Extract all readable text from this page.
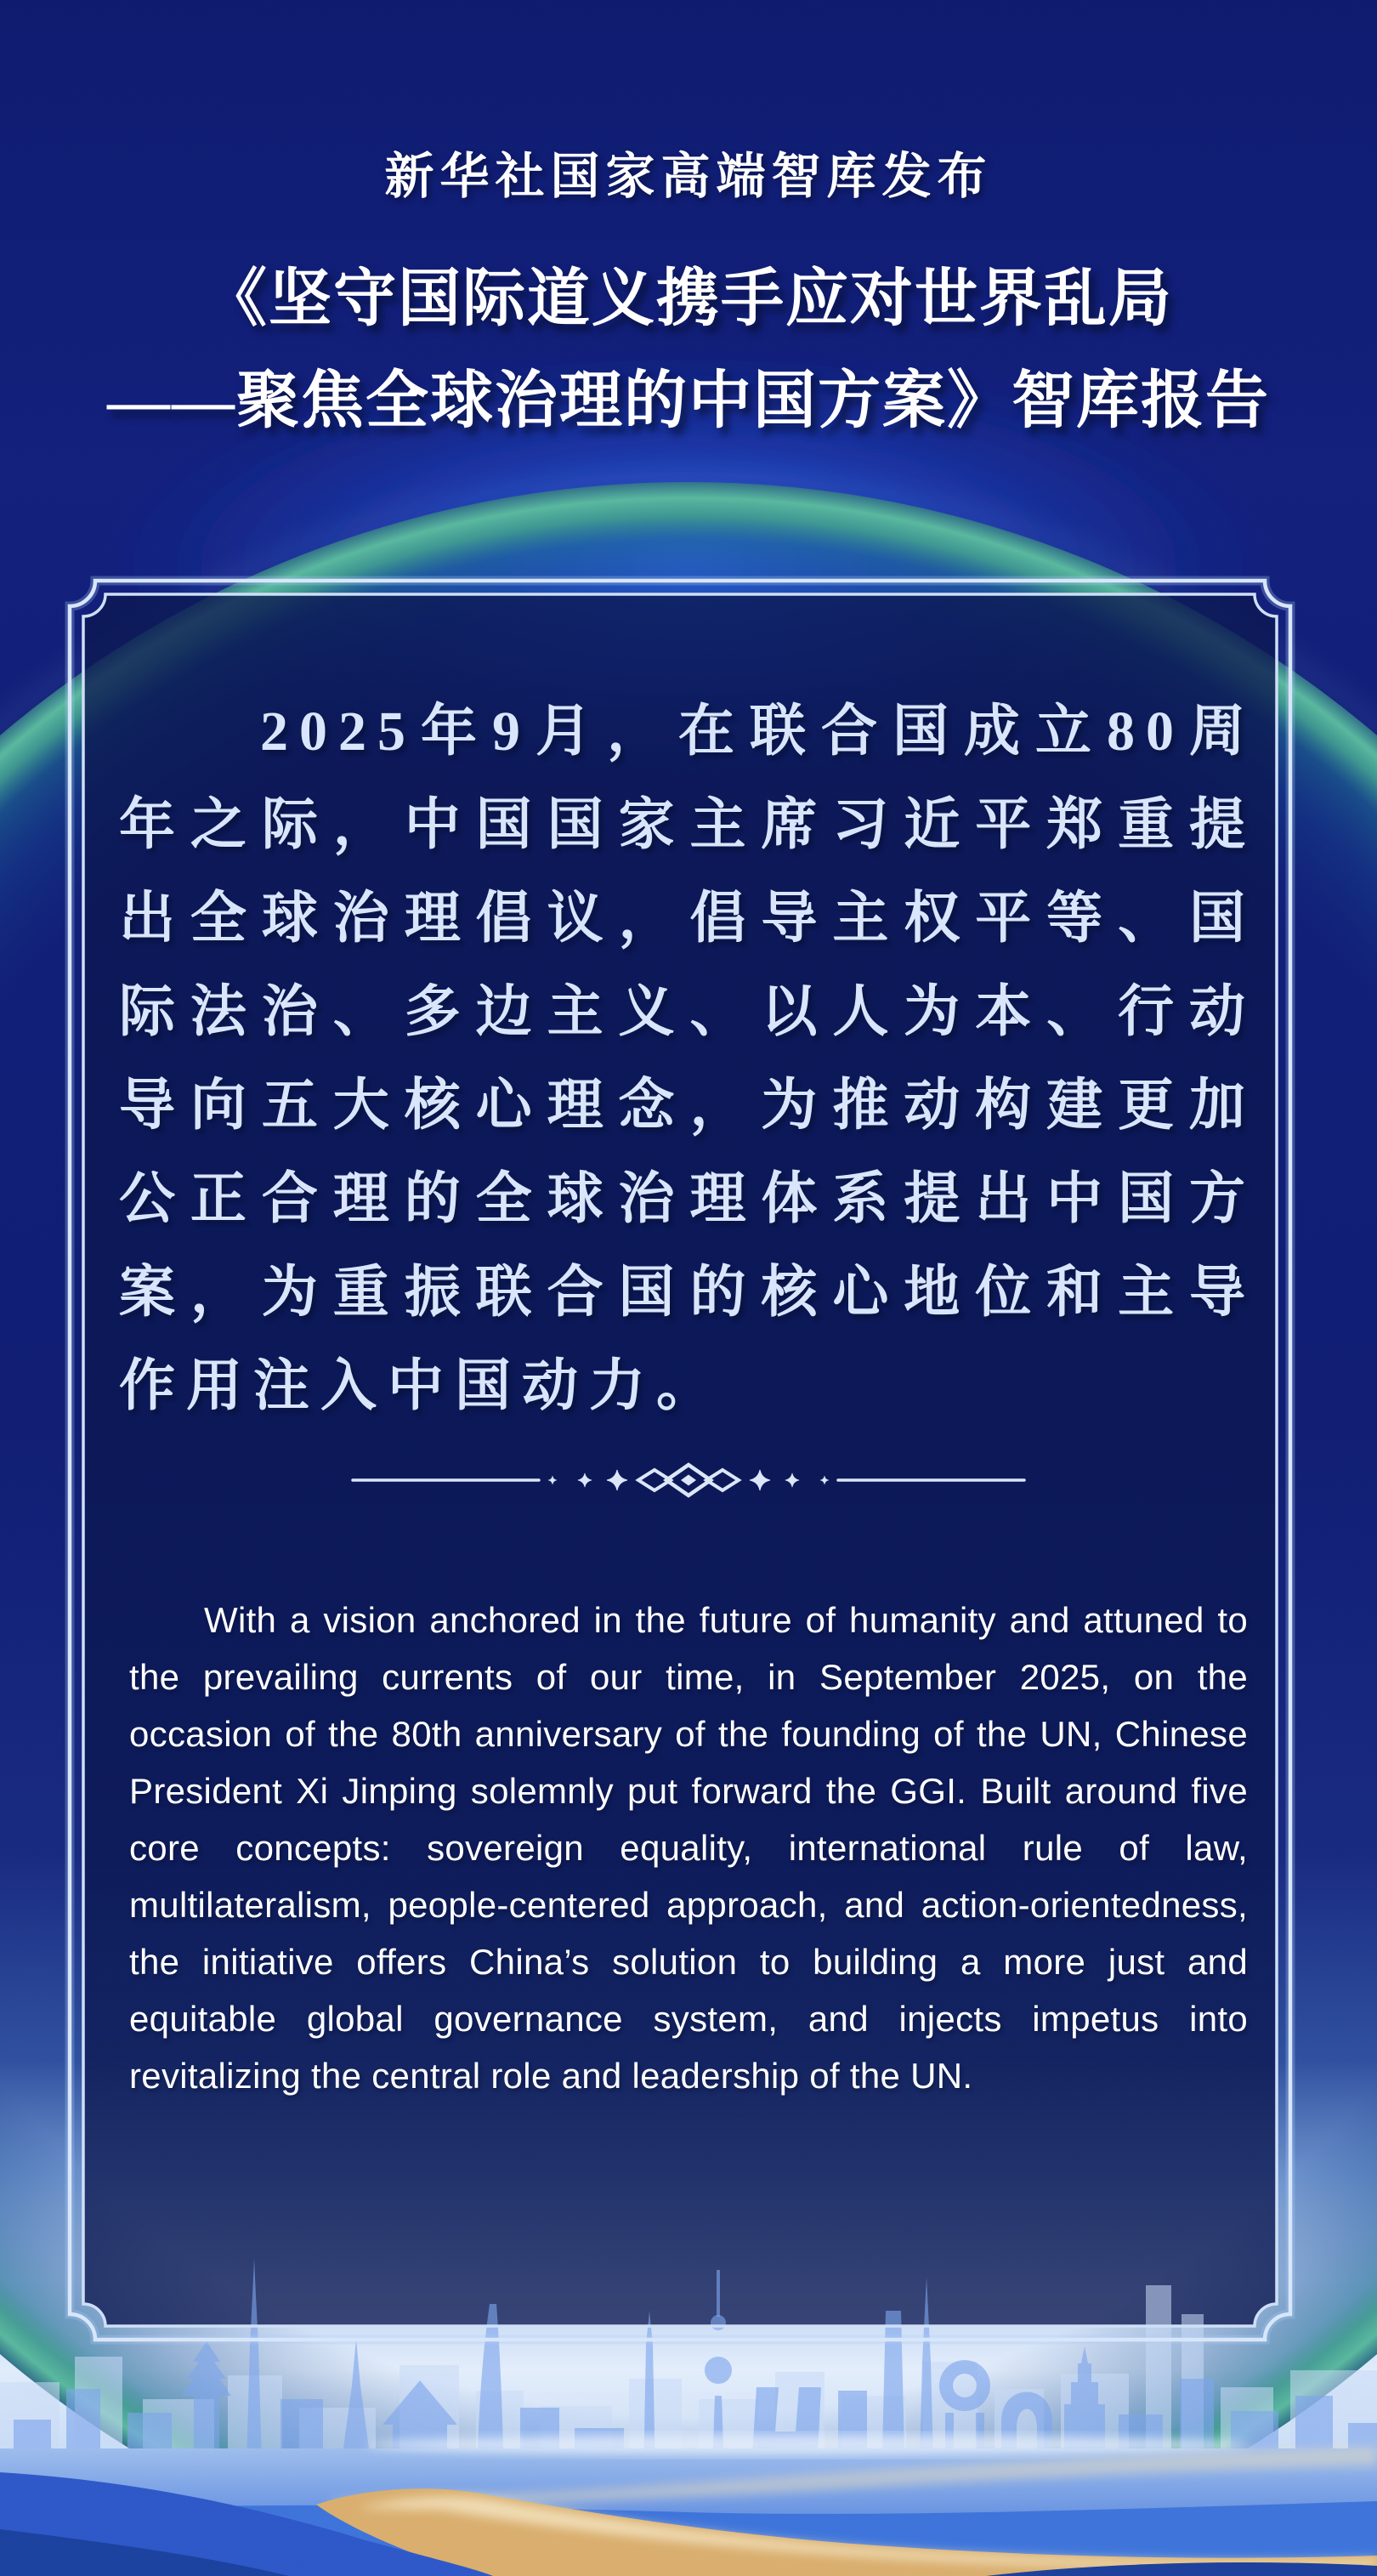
新华社国家高端智库发布
《坚守国际道义携手应对世界乱局
——聚焦全球治理的中国方案》智库报告
2025年9月，在联合国成立80周年之际，中国国家主席习近平郑重提出全球治理倡议，倡导主权平等、国际法治、多边主义、以人为本、行动导向五大核心理念，为推动构建更加公正合理的全球治理体系提出中国方案，为重振联合国的核心地位和主导作用注入中国动力。
With a vision anchored in the future of humanity and attuned to the prevailing currents of our time, in September 2025, on the occasion of the 80th anniversary of the founding of the UN, Chinese President Xi Jinping solemnly put forward the GGI. Built around five core concepts: sovereign equality, international rule of law, multilateralism, people-centered approach, and action-orientedness, the initiative offers China’s solution to building a more just and equitable global governance system, and injects impetus into revitalizing the central role and leadership of the UN.
